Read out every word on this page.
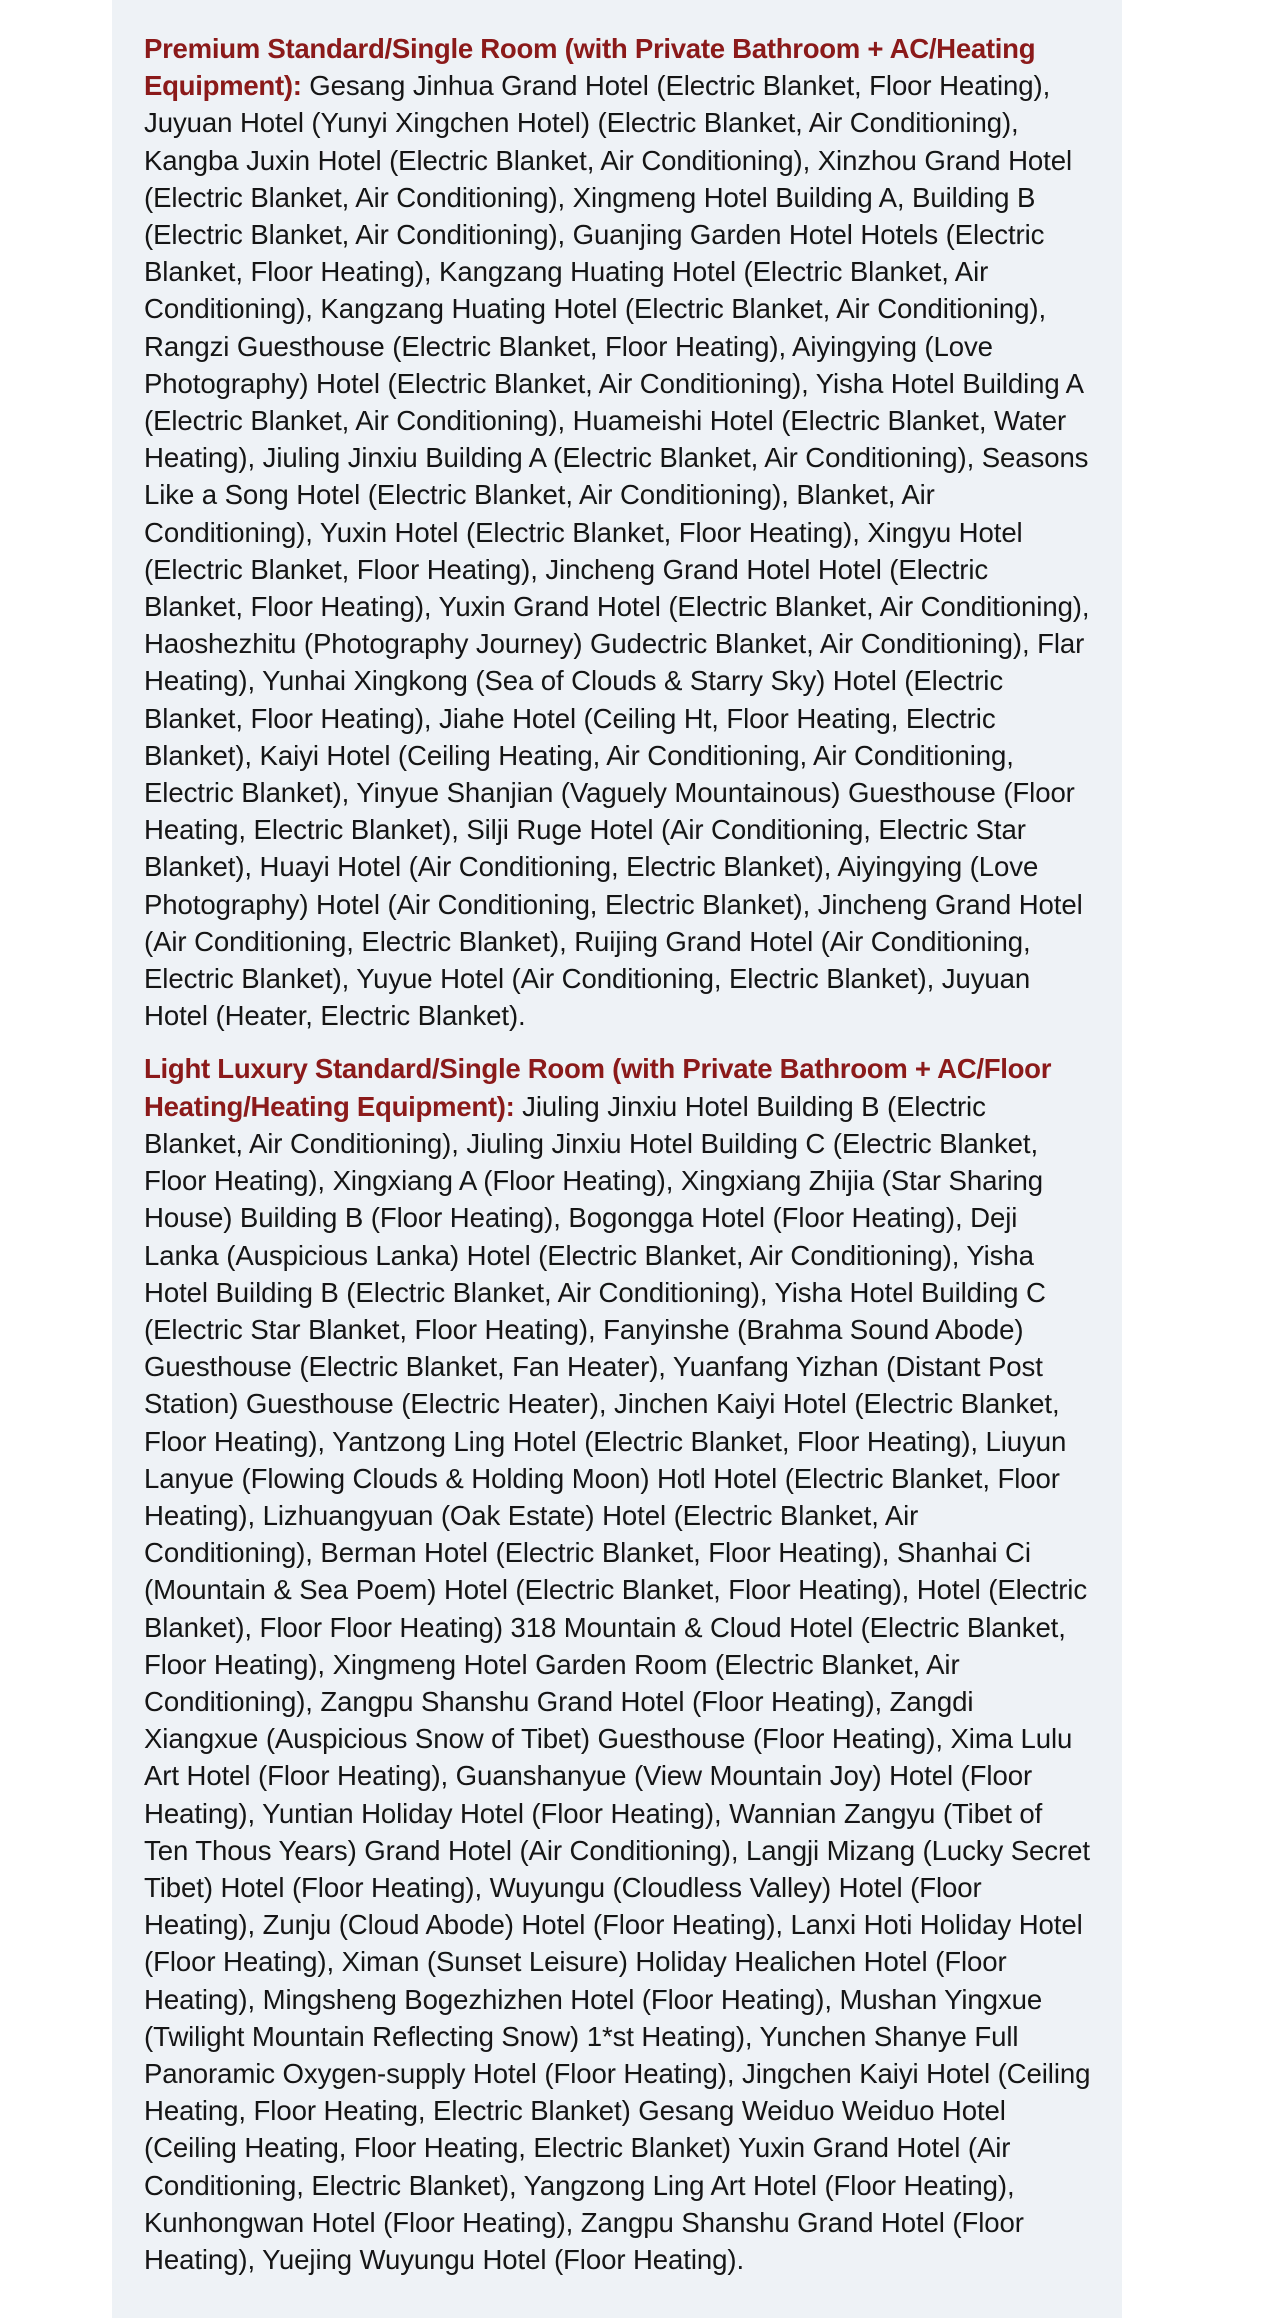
Premium Standard/Single Room (with Private Bathroom + AC/Heating Equipment): Gesang Jinhua Grand Hotel (Electric Blanket, Floor Heating), Juyuan Hotel (Yunyi Xingchen Hotel) (Electric Blanket, Air Conditioning), Kangba Juxin Hotel (Electric Blanket, Air Conditioning), Xinzhou Grand Hotel (Electric Blanket, Air Conditioning), Xingmeng Hotel Building A, Building B (Electric Blanket, Air Conditioning), Guanjing Garden Hotel Hotels (Electric Blanket, Floor Heating), Kangzang Huating Hotel (Electric Blanket, Air Conditioning), Kangzang Huating Hotel (Electric Blanket, Air Conditioning), Rangzi Guesthouse (Electric Blanket, Floor Heating), Aiyingying (Love Photography) Hotel (Electric Blanket, Air Conditioning), Yisha Hotel Building A (Electric Blanket, Air Conditioning), Huameishi Hotel (Electric Blanket, Water Heating), Jiuling Jinxiu Building A (Electric Blanket, Air Conditioning), Seasons Like a Song Hotel (Electric Blanket, Air Conditioning), Blanket, Air Conditioning), Yuxin Hotel (Electric Blanket, Floor Heating), Xingyu Hotel (Electric Blanket, Floor Heating), Jincheng Grand Hotel Hotel (Electric Blanket, Floor Heating), Yuxin Grand Hotel (Electric Blanket, Air Conditioning), Haoshezhitu (Photography Journey) Gudectric Blanket, Air Conditioning), Flar Heating), Yunhai Xingkong (Sea of Clouds & Starry Sky) Hotel (Electric Blanket, Floor Heating), Jiahe Hotel (Ceiling Ht, Floor Heating, Electric Blanket), Kaiyi Hotel (Ceiling Heating, Air Conditioning, Air Conditioning, Electric Blanket), Yinyue Shanjian (Vaguely Mountainous) Guesthouse (Floor Heating, Electric Blanket), Silji Ruge Hotel (Air Conditioning, Electric Star Blanket), Huayi Hotel (Air Conditioning, Electric Blanket), Aiyingying (Love Photography) Hotel (Air Conditioning, Electric Blanket), Jincheng Grand Hotel (Air Conditioning, Electric Blanket), Ruijing Grand Hotel (Air Conditioning, Electric Blanket), Yuyue Hotel (Air Conditioning, Electric Blanket), Juyuan Hotel (Heater, Electric Blanket).

Light Luxury Standard/Single Room (with Private Bathroom + AC/Floor Heating/Heating Equipment): Jiuling Jinxiu Hotel Building B (Electric Blanket, Air Conditioning), Jiuling Jinxiu Hotel Building C (Electric Blanket, Floor Heating), Xingxiang A (Floor Heating), Xingxiang Zhijia (Star Sharing House) Building B (Floor Heating), Bogongga Hotel (Floor Heating), Deji Lanka (Auspicious Lanka) Hotel (Electric Blanket, Air Conditioning), Yisha Hotel Building B (Electric Blanket, Air Conditioning), Yisha Hotel Building C (Electric Star Blanket, Floor Heating), Fanyinshe (Brahma Sound Abode) Guesthouse (Electric Blanket, Fan Heater), Yuanfang Yizhan (Distant Post Station) Guesthouse (Electric Heater), Jinchen Kaiyi Hotel (Electric Blanket, Floor Heating), Yantzong Ling Hotel (Electric Blanket, Floor Heating), Liuyun Lanyue (Flowing Clouds & Holding Moon) Hotl Hotel (Electric Blanket, Floor Heating), Lizhuangyuan (Oak Estate) Hotel (Electric Blanket, Air Conditioning), Berman Hotel (Electric Blanket, Floor Heating), Shanhai Ci (Mountain & Sea Poem) Hotel (Electric Blanket, Floor Heating), Hotel (Electric Blanket), Floor Floor Heating) 318 Mountain & Cloud Hotel (Electric Blanket, Floor Heating), Xingmeng Hotel Garden Room (Electric Blanket, Air Conditioning), Zangpu Shanshu Grand Hotel (Floor Heating), Zangdi Xiangxue (Auspicious Snow of Tibet) Guesthouse (Floor Heating), Xima Lulu Art Hotel (Floor Heating), Guanshanyue (View Mountain Joy) Hotel (Floor Heating), Yuntian Holiday Hotel (Floor Heating), Wannian Zangyu (Tibet of Ten Thous Years) Grand Hotel (Air Conditioning), Langji Mizang (Lucky Secret Tibet) Hotel (Floor Heating), Wuyungu (Cloudless Valley) Hotel (Floor Heating), Zunju (Cloud Abode) Hotel (Floor Heating), Lanxi Hoti Holiday Hotel (Floor Heating), Ximan (Sunset Leisure) Holiday Healichen Hotel (Floor Heating), Mingsheng Bogezhizhen Hotel (Floor Heating), Mushan Yingxue (Twilight Mountain Reflecting Snow) 1*st Heating), Yunchen Shanye Full Panoramic Oxygen-supply Hotel (Floor Heating), Jingchen Kaiyi Hotel (Ceiling Heating, Floor Heating, Electric Blanket) Gesang Weiduo Weiduo Hotel (Ceiling Heating, Floor Heating, Electric Blanket) Yuxin Grand Hotel (Air Conditioning, Electric Blanket), Yangzong Ling Art Hotel (Floor Heating), Kunhongwan Hotel (Floor Heating), Zangpu Shanshu Grand Hotel (Floor Heating), Yuejing Wuyungu Hotel (Floor Heating).
